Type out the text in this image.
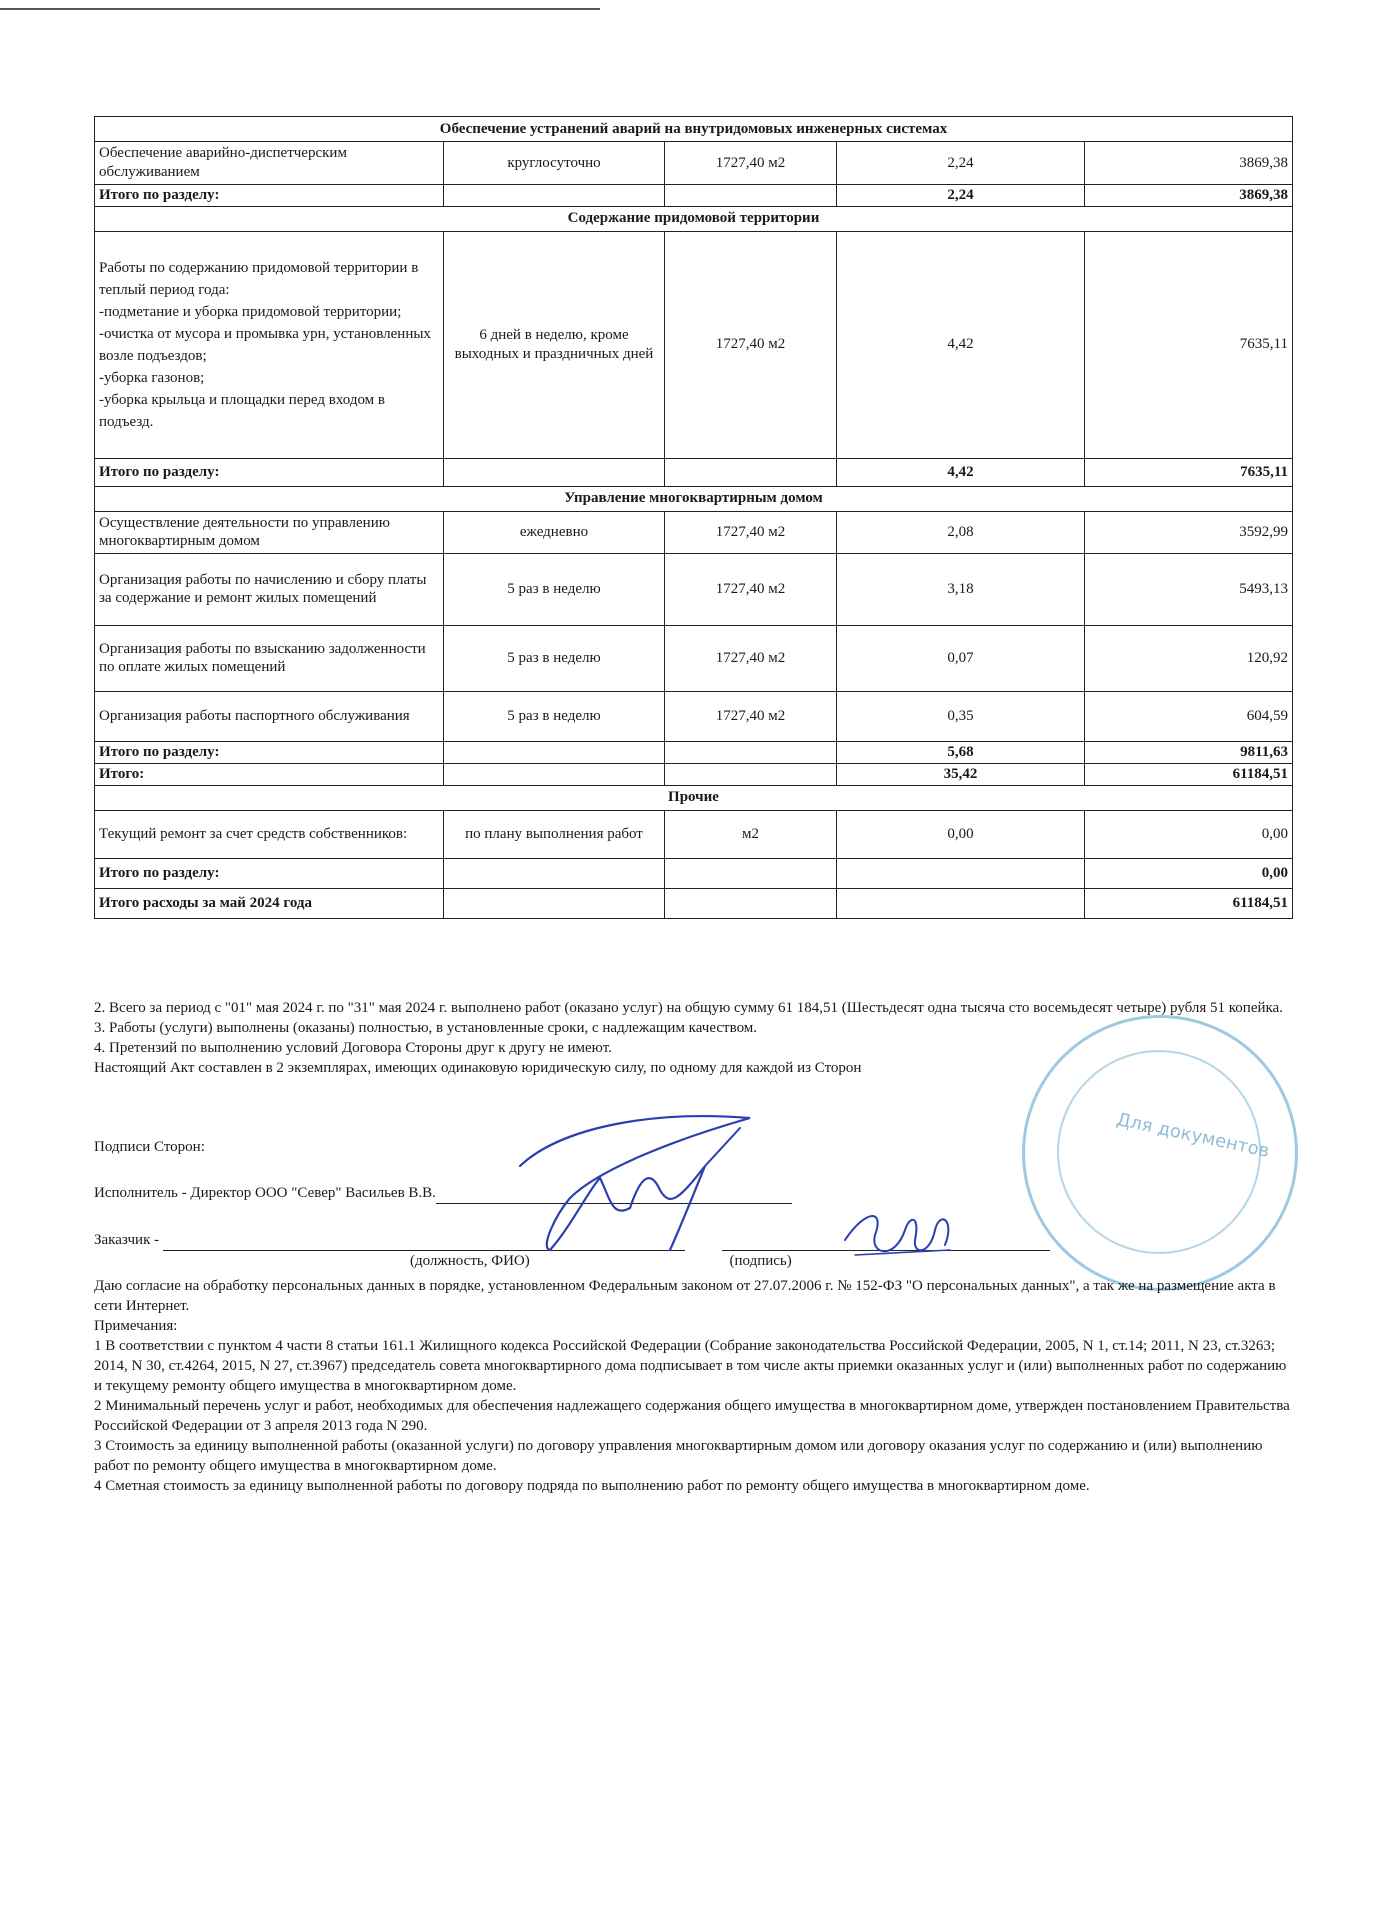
Обеспечение устранений аварий на внутридомовых инженерных системах				
Обеспечение аварийно-диспетчерским обслуживанием	круглосуточно	1727,40 м2	2,24	3869,38
Итого по разделу:			2,24	3869,38
Содержание придомовой территории				
Работы по содержанию придомовой территории в теплый период года:
-подметание и уборка придомовой территории;
-очистка от мусора и промывка урн, установленных возле подъездов;
-уборка газонов;
-уборка крыльца и площадки перед входом в подъезд.	6 дней в неделю, кроме выходных и праздничных дней	1727,40 м2	4,42	7635,11
Итого по разделу:			4,42	7635,11
Управление многоквартирным домом				
Осуществление деятельности по управлению многоквартирным домом	ежедневно	1727,40 м2	2,08	3592,99
Организация работы по начислению и сбору платы за содержание и ремонт жилых помещений	5 раз в неделю	1727,40 м2	3,18	5493,13
Организация работы по взысканию задолженности по оплате жилых помещений	5 раз в неделю	1727,40 м2	0,07	120,92
Организация работы паспортного обслуживания	5 раз в неделю	1727,40 м2	0,35	604,59
Итого по разделу:			5,68	9811,63
Итого:			35,42	61184,51
Прочие				
Текущий ремонт за счет средств собственников:	по плану выполнения работ	м2	0,00	0,00
Итого по разделу:				0,00
Итого расходы за май 2024 года				61184,51
Для документов

2. Всего за период с "01" мая 2024 г. по "31" мая 2024 г. выполнено работ (оказано услуг) на общую сумму 61 184,51 (Шестьдесят одна тысяча сто восемьдесят четыре) рубля 51 копейка.

3. Работы (услуги) выполнены (оказаны) полностью, в установленные сроки, с надлежащим качеством.

4. Претензий по выполнению условий Договора Стороны друг к другу не имеют.

Настоящий Акт составлен в 2 экземплярах, имеющих одинаковую юридическую силу, по одному для каждой из Сторон

Подписи Сторон:

Исполнитель - Директор ООО "Север" Васильев В.В.

Заказчик -

(должность, ФИО)	(подпись)

Даю согласие на обработку персональных данных в порядке, установленном Федеральным законом от 27.07.2006 г. № 152-ФЗ "О персональных данных", а так же на размещение акта в сети Интернет.

Примечания:

1 В соответствии с пунктом 4 части 8 статьи 161.1 Жилищного кодекса Российской Федерации (Собрание законодательства Российской Федерации, 2005, N 1, ст.14; 2011, N 23, ст.3263; 2014, N 30, ст.4264, 2015, N 27, ст.3967) председатель совета многоквартирного дома подписывает в том числе акты приемки оказанных услуг и (или) выполненных работ по содержанию и текущему ремонту общего имущества в многоквартирном доме.

2 Минимальный перечень услуг и работ, необходимых для обеспечения надлежащего содержания общего имущества в многоквартирном доме, утвержден постановлением Правительства Российской Федерации от 3 апреля 2013 года N 290.

3 Стоимость за единицу выполненной работы (оказанной услуги) по договору управления многоквартирным домом или договору оказания услуг по содержанию и (или) выполнению работ по ремонту общего имущества в многоквартирном доме.

4 Сметная стоимость за единицу выполненной работы по договору подряда по выполнению работ по ремонту общего имущества в многоквартирном доме.
